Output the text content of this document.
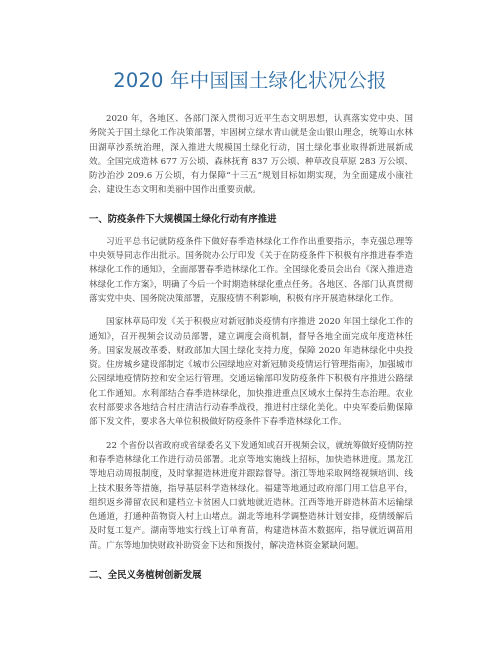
2020 年中国国土绿化状况公报

2020 年，各地区、各部门深入贯彻习近平生态文明思想，认真落实党中央、国务院关于国土绿化工作决策部署，牢固树立绿水青山就是金山银山理念，统筹山水林田湖草沙系统治理，深入推进大规模国土绿化行动，国土绿化事业取得新进展新成效。全国完成造林 677 万公顷、森林抚育 837 万公顷、种草改良草原 283 万公顷、防沙治沙 209.6 万公顷，有力保障“十三五”规划目标如期实现，为全面建成小康社会、建设生态文明和美丽中国作出重要贡献。

一、防疫条件下大规模国土绿化行动有序推进

习近平总书记就防疫条件下做好春季造林绿化工作作出重要指示，李克强总理等中央领导同志作出批示。国务院办公厅印发《关于在防疫条件下积极有序推进春季造林绿化工作的通知》，全面部署春季造林绿化工作。全国绿化委员会出台《深入推进造林绿化工作方案》，明确了今后一个时期造林绿化重点任务。各地区、各部门认真贯彻落实党中央、国务院决策部署，克服疫情不利影响，积极有序开展造林绿化工作。

国家林草局印发《关于积极应对新冠肺炎疫情有序推进 2020 年国土绿化工作的通知》，召开视频会议动员部署，建立调度会商机制，督导各地全面完成年度造林任务。国家发展改革委、财政部加大国土绿化支持力度，保障 2020 年造林绿化中央投资。住房城乡建设部制定《城市公园绿地应对新冠肺炎疫情运行管理指南》，加强城市公园绿地疫情防控和安全运行管理。交通运输部印发防疫条件下积极有序推进公路绿化工作通知。水利部结合春季造林绿化，加快推进重点区域水土保持生态治理。农业农村部要求各地结合村庄清洁行动春季战役，推进村庄绿化美化。中央军委后勤保障部下发文件，要求各大单位积极做好防疫条件下春季造林绿化工作。

22 个省份以省政府或省绿委名义下发通知或召开视频会议，就统筹做好疫情防控和春季造林绿化工作进行动员部署。北京等地实施线上招标，加快造林进度。黑龙江等地启动周报制度，及时掌握造林进度并跟踪督导。浙江等地采取网络视频培训、线上技术服务等措施，指导基层科学造林绿化。福建等地通过政府部门用工信息平台，组织返乡滞留农民和建档立卡贫困人口就地就近造林。江西等地开辟造林苗木运输绿色通道，打通种苗物资入村上山堵点。湖北等地科学调整造林计划安排，疫情缓解后及时复工复产。湖南等地实行线上订单育苗，构建造林苗木数据库，指导就近调苗用苗。广东等地加快财政补助资金下达和预拨付，解决造林资金紧缺问题。

二、全民义务植树创新发展
